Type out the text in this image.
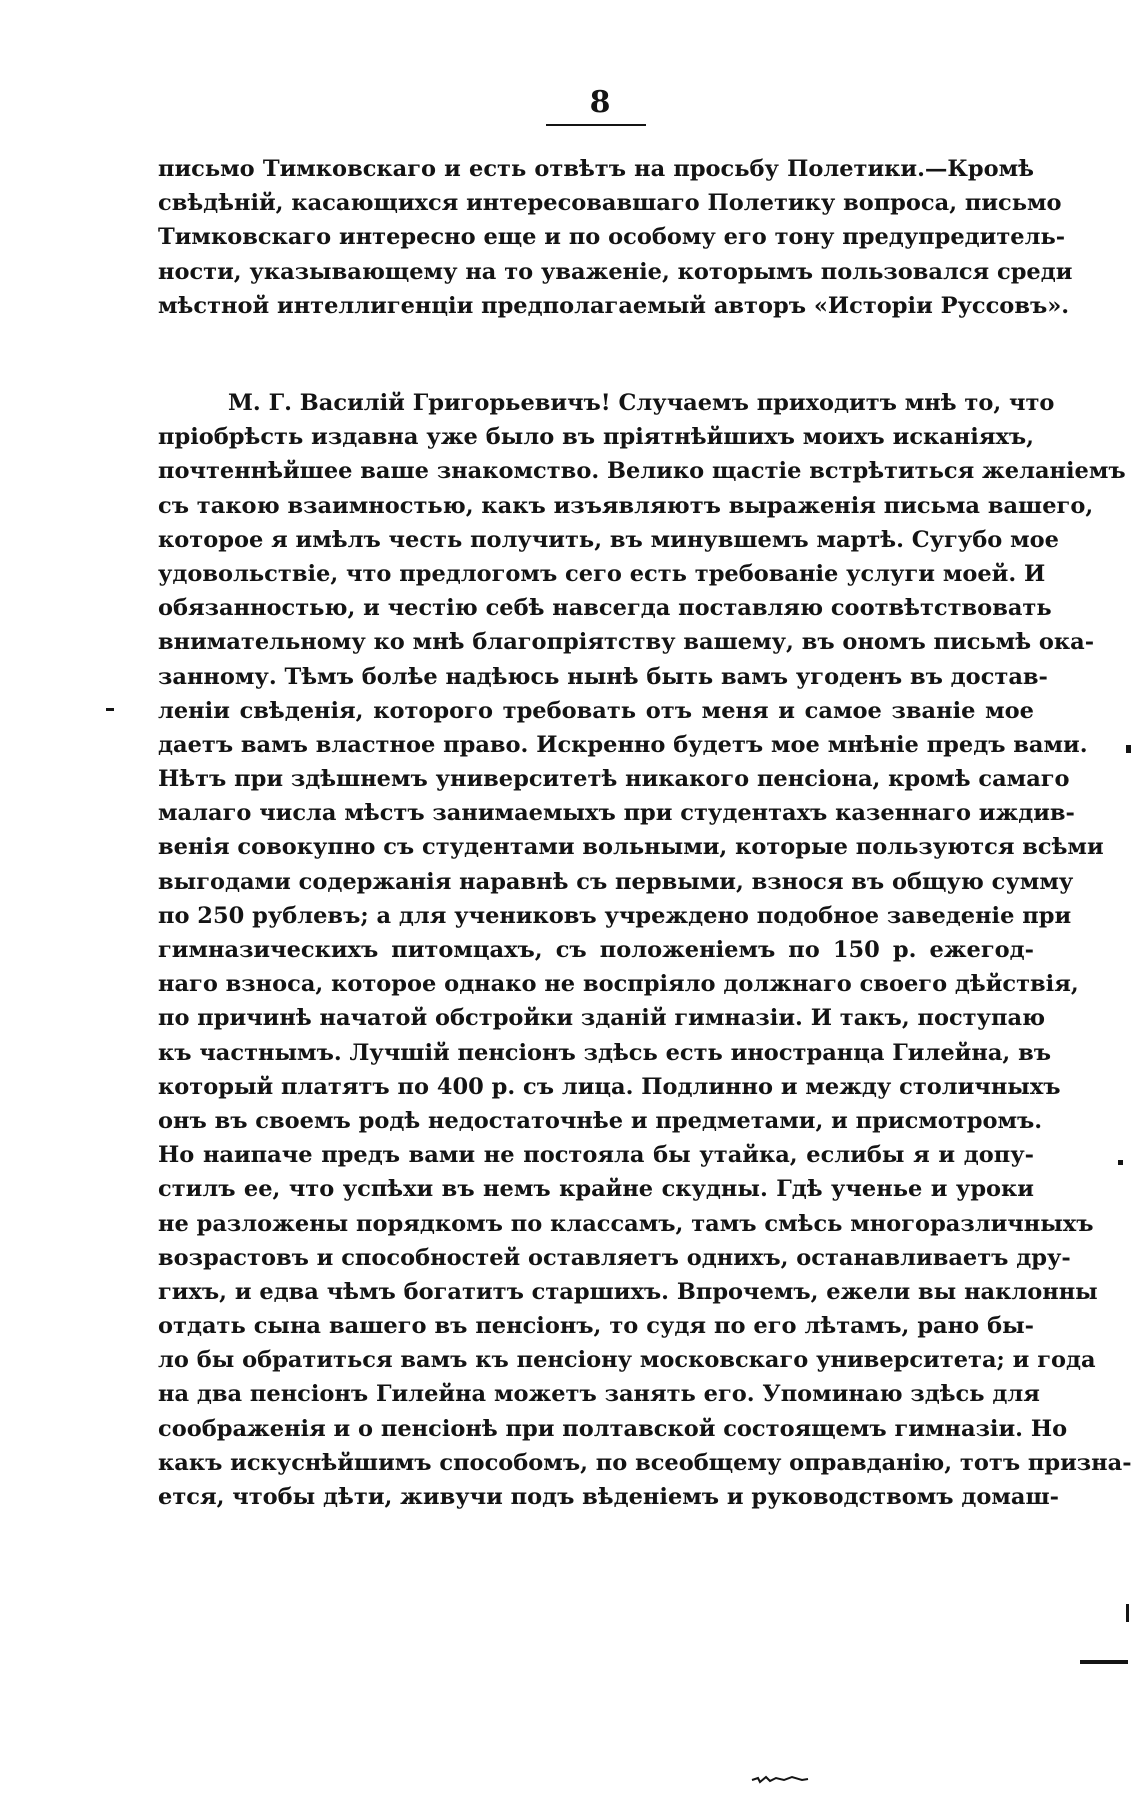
8
письмо Тимковскаго и есть отвѣтъ на просьбу Полетики.—Кромѣ
свѣдѣній, касающихся интересовавшаго Полетику вопроса, письмо
Тимковскаго интересно еще и по особому его тону предупредитель-
ности, указывающему на то уваженіе, которымъ пользовался среди
мѣстной интеллигенціи предполагаемый авторъ «Исторіи Руссовъ».
М. Г. Василій Григорьевичъ! Случаемъ приходитъ мнѣ то, что
пріобрѣсть издавна уже было въ пріятнѣйшихъ моихъ исканіяхъ,
почтеннѣйшее ваше знакомство. Велико щастіе встрѣтиться желаніемъ
съ такою взаимностью, какъ изъявляютъ выраженія письма вашего,
которое я имѣлъ честь получить, въ минувшемъ мартѣ. Сугубо мое
удовольствіе, что предлогомъ сего есть требованіе услуги моей. И
обязанностью, и честію себѣ навсегда поставляю соотвѣтствовать
внимательному ко мнѣ благопріятству вашему, въ ономъ письмѣ ока-
занному. Тѣмъ болѣе надѣюсь нынѣ быть вамъ угоденъ въ достав-
леніи свѣденія, которого требовать отъ меня и самое званіе мое
даетъ вамъ властное право. Искренно будетъ мое мнѣніе предъ вами.
Нѣтъ при здѣшнемъ университетѣ никакого пенсіона, кромѣ самаго
малаго числа мѣстъ занимаемыхъ при студентахъ казеннаго иждив-
венія совокупно съ студентами вольными, которые пользуются всѣми
выгодами содержанія наравнѣ съ первыми, взнося въ общую сумму
по 250 рублевъ; а для учениковъ учреждено подобное заведеніе при
гимназическихъ питомцахъ, съ положеніемъ по 150 р. ежегод-
наго взноса, которое однако не воспріяло должнаго своего дѣйствія,
по причинѣ начатой обстройки зданій гимназіи. И такъ, поступаю
къ частнымъ. Лучшій пенсіонъ здѣсь есть иностранца Гилейна, въ
который платятъ по 400 р. съ лица. Подлинно и между столичныхъ
онъ въ своемъ родѣ недостаточнѣе и предметами, и присмотромъ.
Но наипаче предъ вами не постояла бы утайка, еслибы я и допу-
стилъ ее, что успѣхи въ немъ крайне скудны. Гдѣ ученье и уроки
не разложены порядкомъ по классамъ, тамъ смѣсь многоразличныхъ
возрастовъ и способностей оставляетъ однихъ, останавливаетъ дру-
гихъ, и едва чѣмъ богатитъ старшихъ. Впрочемъ, ежели вы наклонны
отдать сына вашего въ пенсіонъ, то судя по его лѣтамъ, рано бы-
ло бы обратиться вамъ къ пенсіону московскаго университета; и года
на два пенсіонъ Гилейна можетъ занять его. Упоминаю здѣсь для
соображенія и о пенсіонѣ при полтавской состоящемъ гимназіи. Но
какъ искуснѣйшимъ способомъ, по всеобщему оправданію, тотъ призна-
ется, чтобы дѣти, живучи подъ вѣденіемъ и руководствомъ домаш-
